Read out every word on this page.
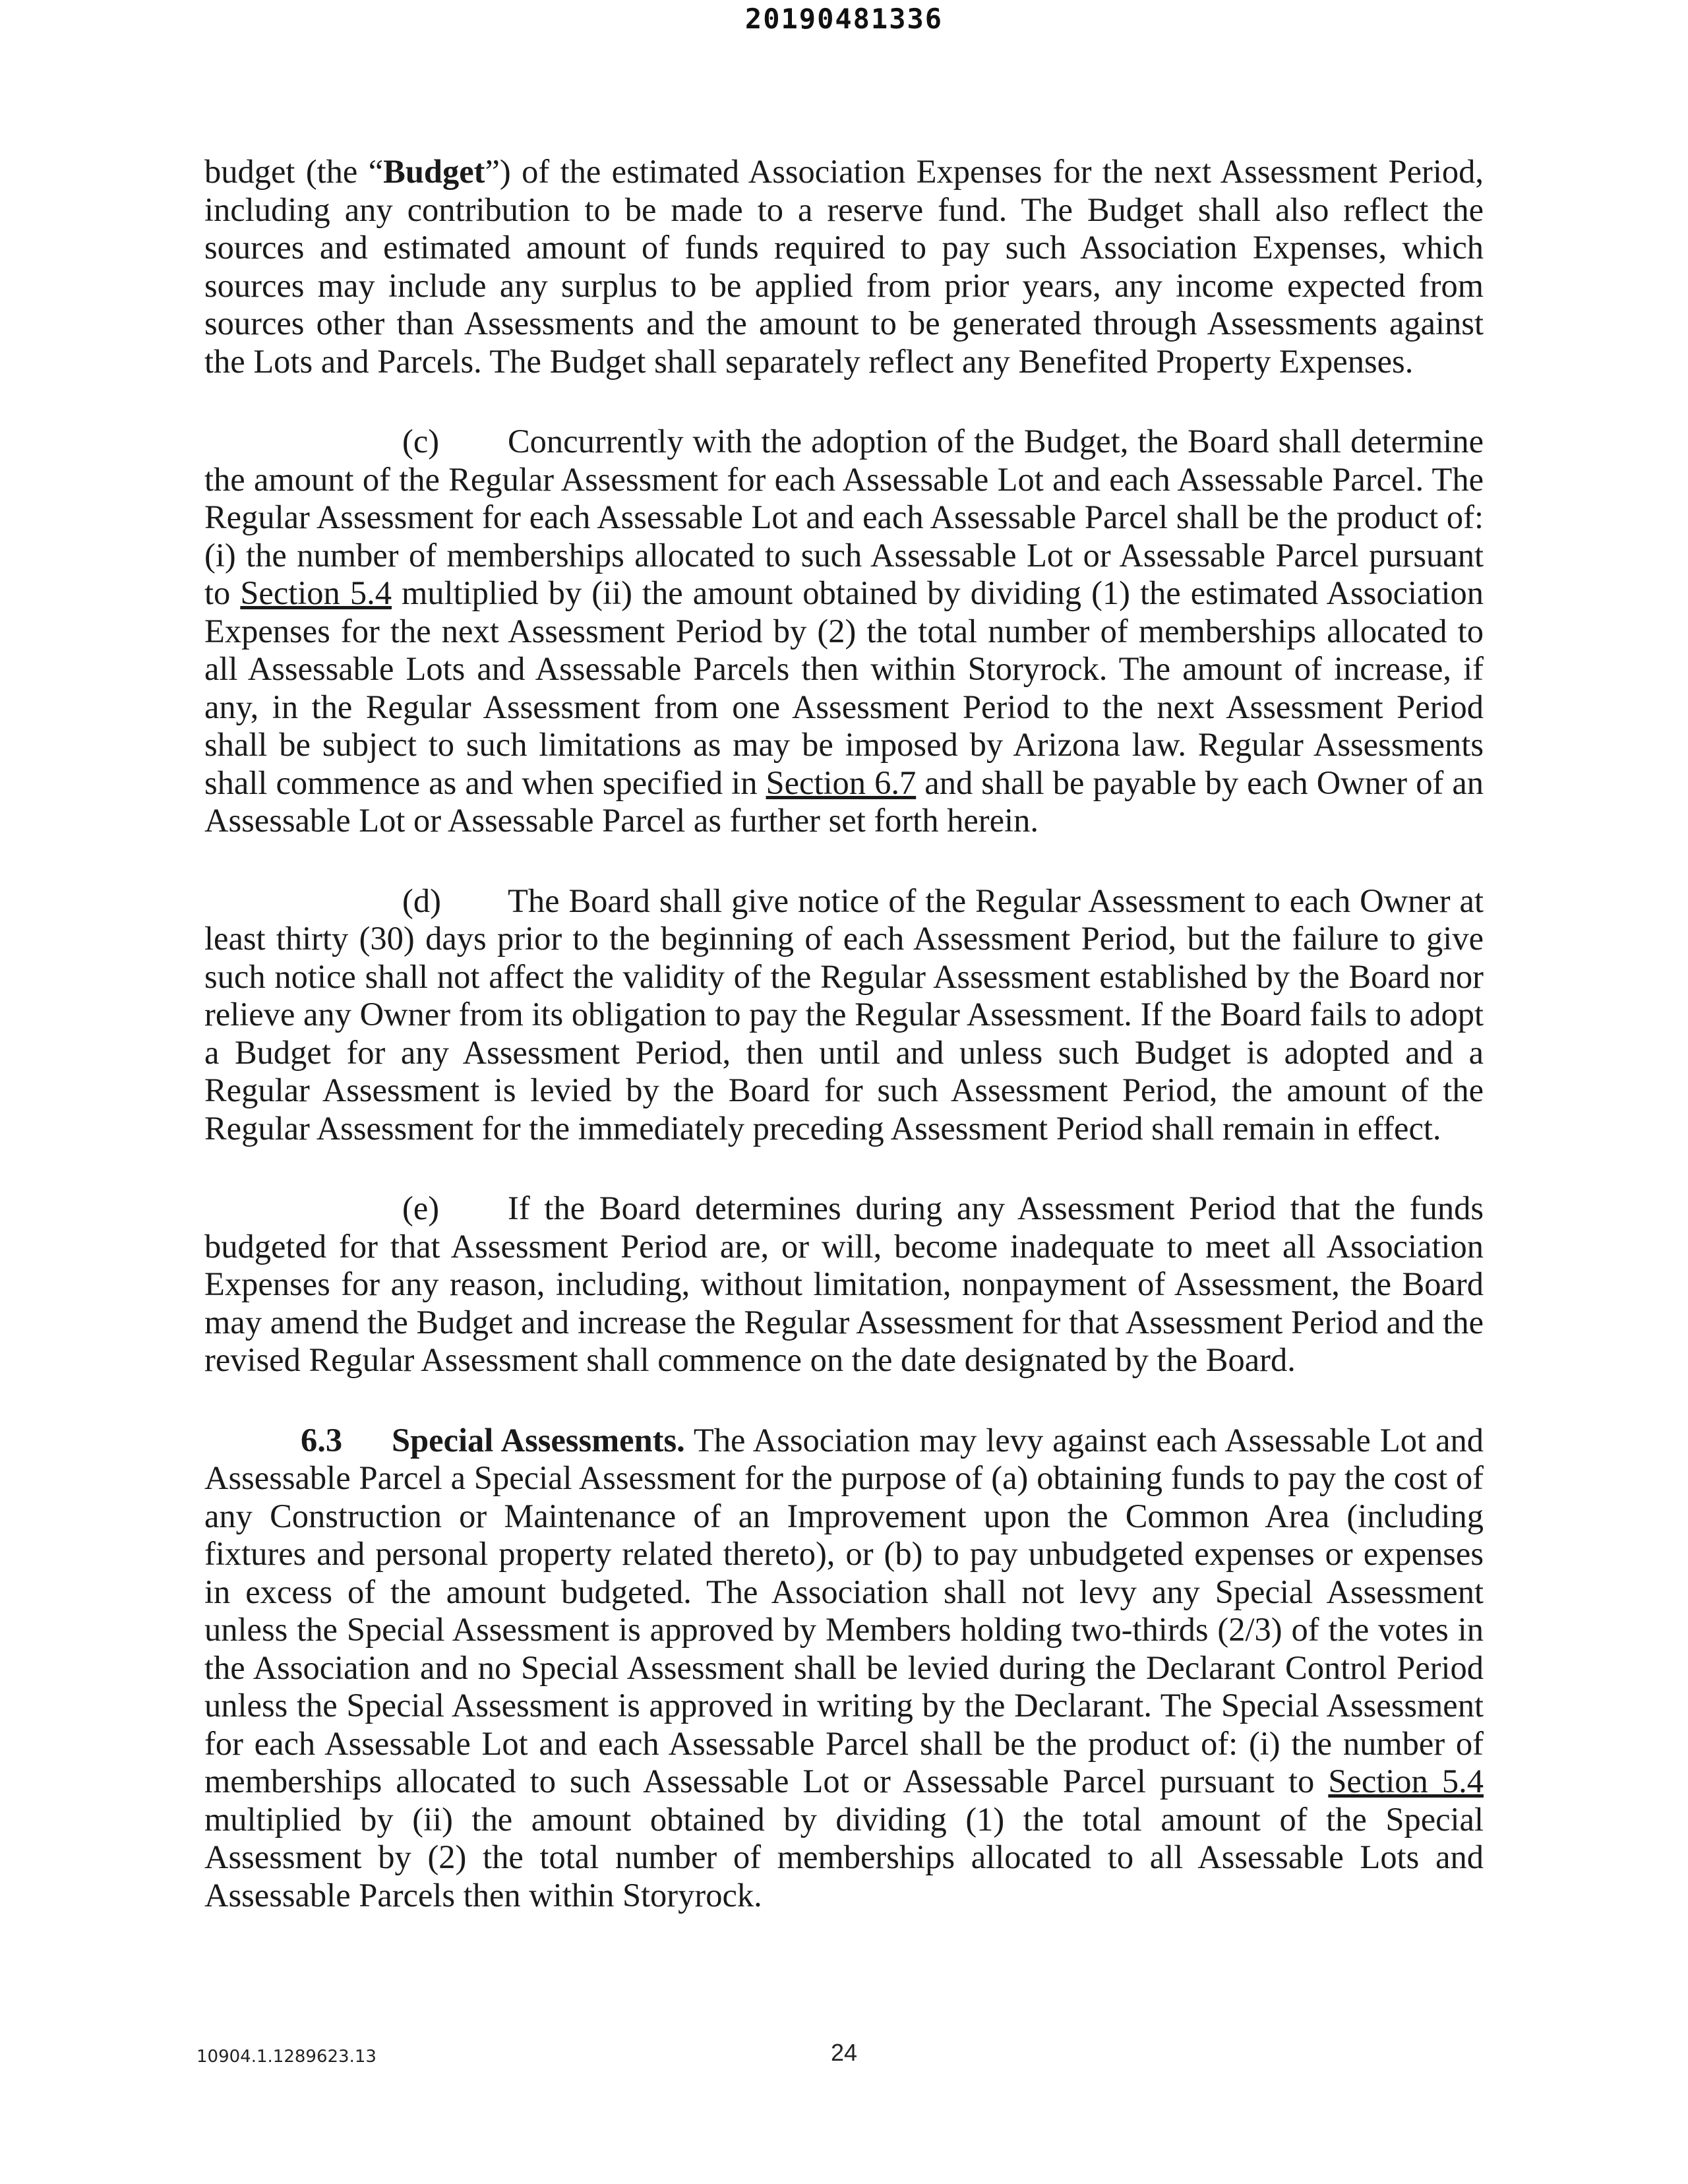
20190481336

budget (the “Budget”) of the estimated Association Expenses for the next Assessment Period, including any contribution to be made to a reserve fund. The Budget shall also reflect the sources and estimated amount of funds required to pay such Association Expenses, which sources may include any surplus to be applied from prior years, any income expected from sources other than Assessments and the amount to be generated through Assessments against the Lots and Parcels. The Budget shall separately reflect any Benefited Property Expenses.

(c) Concurrently with the adoption of the Budget, the Board shall determine the amount of the Regular Assessment for each Assessable Lot and each Assessable Parcel. The Regular Assessment for each Assessable Lot and each Assessable Parcel shall be the product of: (i) the number of memberships allocated to such Assessable Lot or Assessable Parcel pursuant to Section 5.4 multiplied by (ii) the amount obtained by dividing (1) the estimated Association Expenses for the next Assessment Period by (2) the total number of memberships allocated to all Assessable Lots and Assessable Parcels then within Storyrock. The amount of increase, if any, in the Regular Assessment from one Assessment Period to the next Assessment Period shall be subject to such limitations as may be imposed by Arizona law. Regular Assessments shall commence as and when specified in Section 6.7 and shall be payable by each Owner of an Assessable Lot or Assessable Parcel as further set forth herein.

(d) The Board shall give notice of the Regular Assessment to each Owner at least thirty (30) days prior to the beginning of each Assessment Period, but the failure to give such notice shall not affect the validity of the Regular Assessment established by the Board nor relieve any Owner from its obligation to pay the Regular Assessment. If the Board fails to adopt a Budget for any Assessment Period, then until and unless such Budget is adopted and a Regular Assessment is levied by the Board for such Assessment Period, the amount of the Regular Assessment for the immediately preceding Assessment Period shall remain in effect.

(e) If the Board determines during any Assessment Period that the funds budgeted for that Assessment Period are, or will, become inadequate to meet all Association Expenses for any reason, including, without limitation, nonpayment of Assessment, the Board may amend the Budget and increase the Regular Assessment for that Assessment Period and the revised Regular Assessment shall commence on the date designated by the Board.

6.3 Special Assessments. The Association may levy against each Assessable Lot and Assessable Parcel a Special Assessment for the purpose of (a) obtaining funds to pay the cost of any Construction or Maintenance of an Improvement upon the Common Area (including fixtures and personal property related thereto), or (b) to pay unbudgeted expenses or expenses in excess of the amount budgeted. The Association shall not levy any Special Assessment unless the Special Assessment is approved by Members holding two-thirds (2/3) of the votes in the Association and no Special Assessment shall be levied during the Declarant Control Period unless the Special Assessment is approved in writing by the Declarant. The Special Assessment for each Assessable Lot and each Assessable Parcel shall be the product of: (i) the number of memberships allocated to such Assessable Lot or Assessable Parcel pursuant to Section 5.4 multiplied by (ii) the amount obtained by dividing (1) the total amount of the Special Assessment by (2) the total number of memberships allocated to all Assessable Lots and Assessable Parcels then within Storyrock.

10904.1.1289623.13	24
